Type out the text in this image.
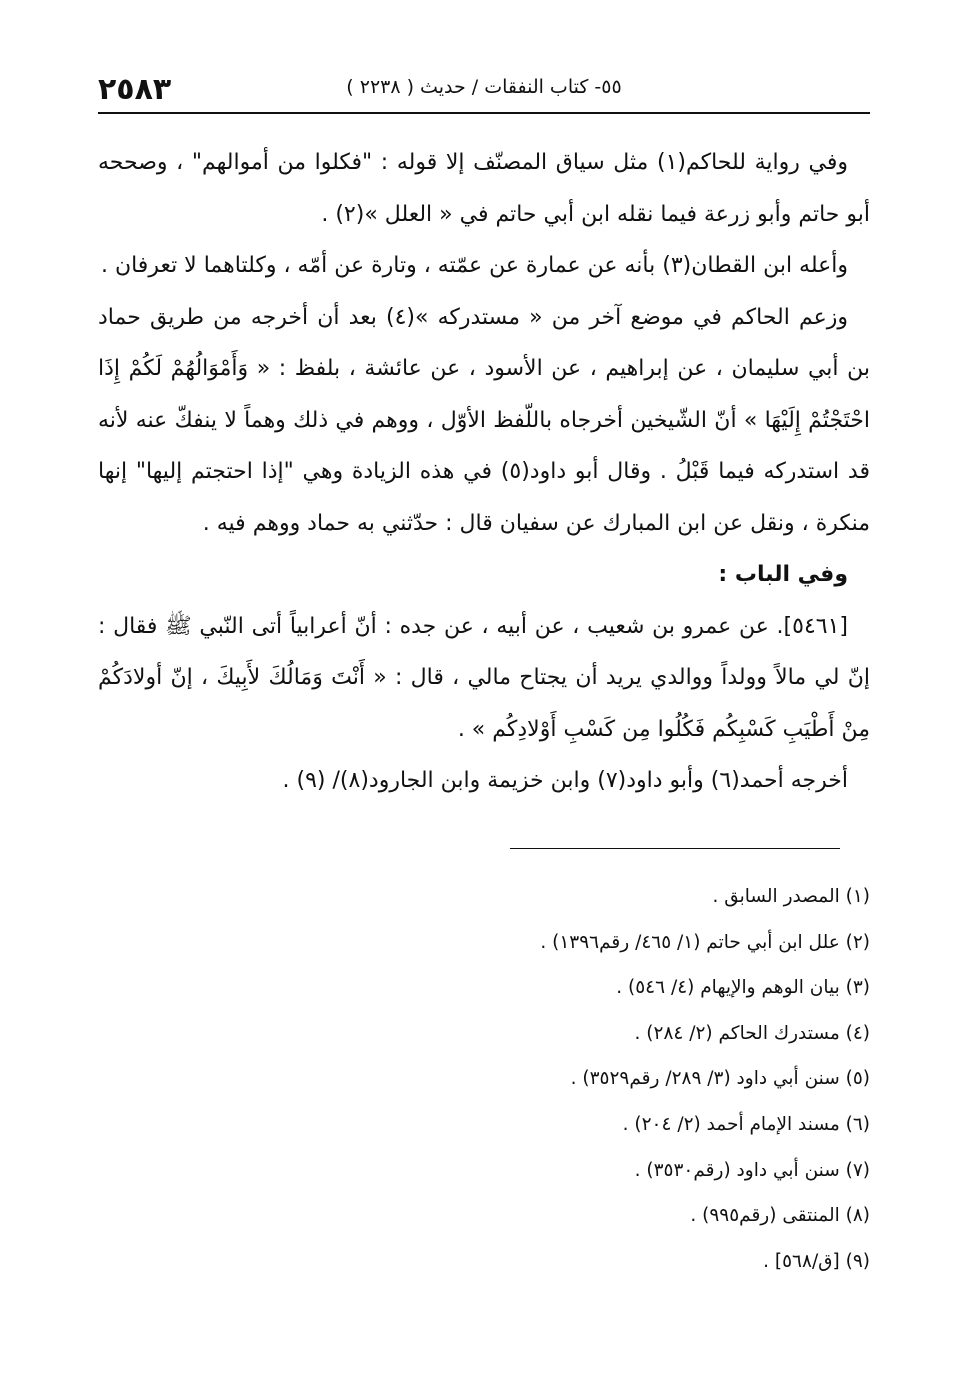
٢٥٨٣	٥٥- كتاب النفقات / حديث ( ٢٢٣٨ )

وفي رواية للحاكم(١) مثل سياق المصنّف إلا قوله : "فكلوا من أموالهم" ، وصححه أبو حاتم وأبو زرعة فيما نقله ابن أبي حاتم في « العلل »(٢) .

وأعله ابن القطان(٣) بأنه عن عمارة عن عمّته ، وتارة عن أمّه ، وكلتاهما لا تعرفان .

وزعم الحاكم في موضع آخر من « مستدركه »(٤) بعد أن أخرجه من طريق حماد بن أبي سليمان ، عن إبراهيم ، عن الأسود ، عن عائشة ، بلفظ : « وَأَمْوَالُهُمْ لَكُمْ إِذَا احْتَجْتُمْ إِلَيْهَا » أنّ الشّيخين أخرجاه باللّفظ الأوّل ، ووهم في ذلك وهماً لا ينفكّ عنه لأنه قد استدركه فيما قَبْلُ . وقال أبو داود(٥) في هذه الزيادة وهي "إذا احتجتم إليها" إنها منكرة ، ونقل عن ابن المبارك عن سفيان قال : حدّثني به حماد ووهم فيه .

وفي الباب :

[٥٤٦١]. عن عمرو بن شعيب ، عن أبيه ، عن جده : أنّ أعرابياً أتى النّبي ﷺ فقال : إنّ لي مالاً وولداً ووالدي يريد أن يجتاح مالي ، قال : « أَنْتَ وَمَالُكَ لأَبِيكَ ، إنّ أولادَكُمْ مِنْ أَطْيَبِ كَسْبِكُم فَكُلُوا مِن كَسْبِ أَوْلادِكُم » .

أخرجه أحمد(٦) وأبو داود(٧) وابن خزيمة وابن الجارود(٨)/ (٩) .

(١) المصدر السابق .
(٢) علل ابن أبي حاتم (١/ ٤٦٥/ رقم١٣٩٦) .
(٣) بيان الوهم والإيهام (٤/ ٥٤٦) .
(٤) مستدرك الحاكم (٢/ ٢٨٤) .
(٥) سنن أبي داود (٣/ ٢٨٩/ رقم٣٥٢٩) .
(٦) مسند الإمام أحمد (٢/ ٢٠٤) .
(٧) سنن أبي داود (رقم٣٥٣٠) .
(٨) المنتقى (رقم٩٩٥) .
(٩) [ق/٥٦٨] .
